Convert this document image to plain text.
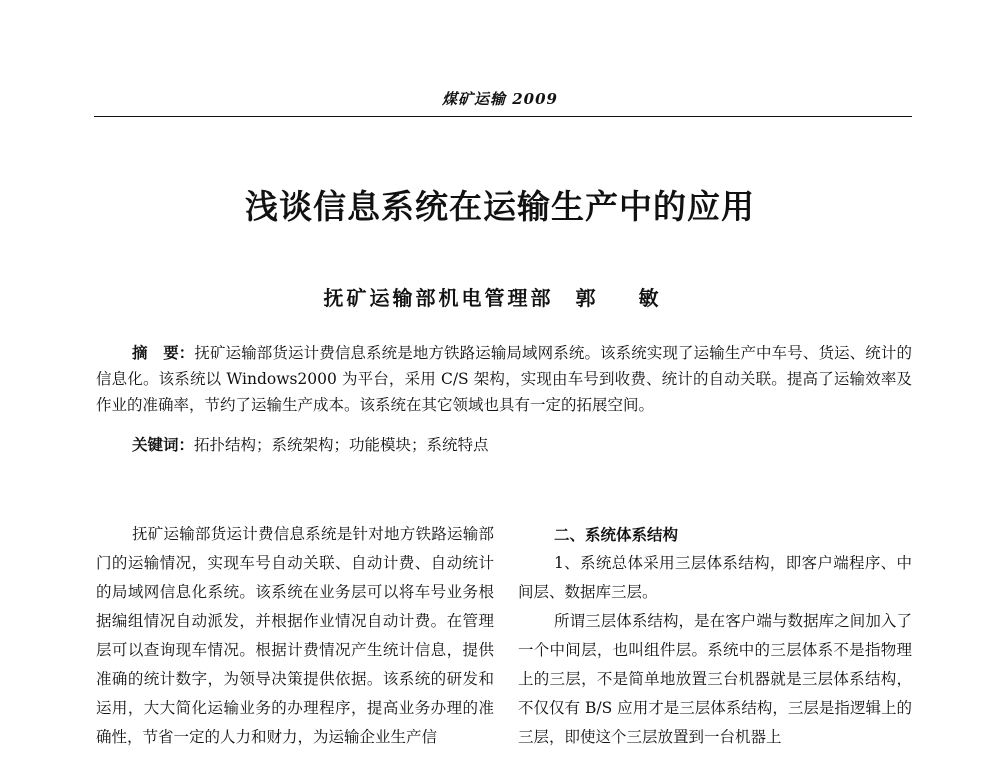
煤矿运输 2009
浅谈信息系统在运输生产中的应用
抚矿运输部机电管理部 郭 敏
摘　要：抚矿运输部货运计费信息系统是地方铁路运输局域网系统。该系统实现了运输生产中车号、货运、统计的信息化。该系统以 Windows2000 为平台，采用 C/S 架构，实现由车号到收费、统计的自动关联。提高了运输效率及作业的准确率，节约了运输生产成本。该系统在其它领域也具有一定的拓展空间。
关键词：拓扑结构；系统架构；功能模块；系统特点

抚矿运输部货运计费信息系统是针对地方铁路运输部门的运输情况，实现车号自动关联、自动计费、自动统计的局域网信息化系统。该系统在业务层可以将车号业务根据编组情况自动派发，并根据作业情况自动计费。在管理层可以查询现车情况。根据计费情况产生统计信息，提供准确的统计数字，为领导决策提供依据。该系统的研发和运用，大大简化运输业务的办理程序，提高业务办理的准确性，节省一定的人力和财力，为运输企业生产信

二、系统体系结构

1、系统总体采用三层体系结构，即客户端程序、中间层、数据库三层。

所谓三层体系结构，是在客户端与数据库之间加入了一个中间层，也叫组件层。系统中的三层体系不是指物理上的三层，不是简单地放置三台机器就是三层体系结构，不仅仅有 B/S 应用才是三层体系结构，三层是指逻辑上的三层，即使这个三层放置到一台机器上
